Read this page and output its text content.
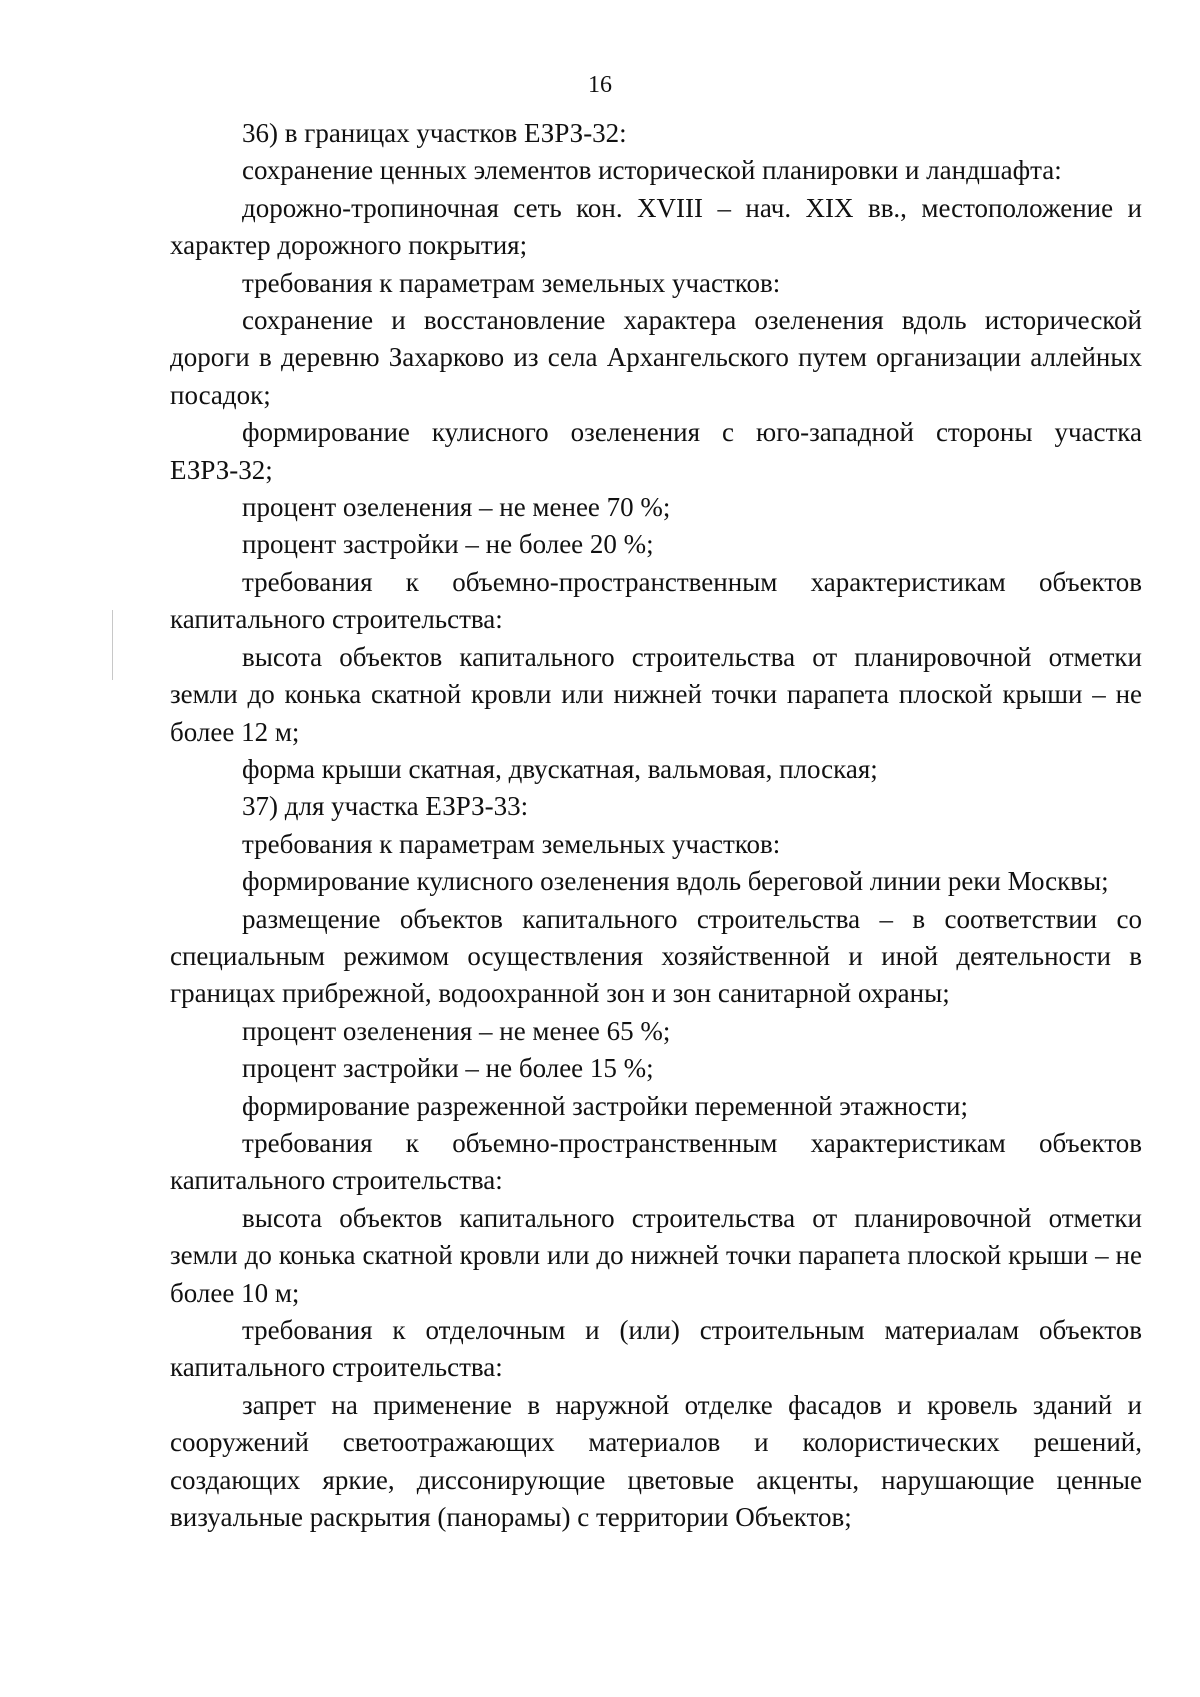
16

36) в границах участков ЕЗРЗ-32:

сохранение ценных элементов исторической планировки и ландшафта:

дорожно-тропиночная сеть кон. XVIII – нач. XIX вв., местоположение и характер дорожного покрытия;

требования к параметрам земельных участков:

сохранение и восстановление характера озеленения вдоль исторической дороги в деревню Захарково из села Архангельского путем организации аллейных посадок;

формирование кулисного озеленения с юго-западной стороны участка ЕЗРЗ-32;

процент озеленения – не менее 70 %;

процент застройки – не более 20 %;

требования к объемно-пространственным характеристикам объектов капитального строительства:

высота объектов капитального строительства от планировочной отметки земли до конька скатной кровли или нижней точки парапета плоской крыши – не более 12 м;

форма крыши скатная, двускатная, вальмовая, плоская;

37) для участка ЕЗРЗ-33:

требования к параметрам земельных участков:

формирование кулисного озеленения вдоль береговой линии реки Москвы;

размещение объектов капитального строительства – в соответствии со специальным режимом осуществления хозяйственной и иной деятельности в границах прибрежной, водоохранной зон и зон санитарной охраны;

процент озеленения – не менее 65 %;

процент застройки – не более 15 %;

формирование разреженной застройки переменной этажности;

требования к объемно-пространственным характеристикам объектов капитального строительства:

высота объектов капитального строительства от планировочной отметки земли до конька скатной кровли или до нижней точки парапета плоской крыши – не более 10 м;

требования к отделочным и (или) строительным материалам объектов капитального строительства:

запрет на применение в наружной отделке фасадов и кровель зданий и сооружений светоотражающих материалов и колористических решений, создающих яркие, диссонирующие цветовые акценты, нарушающие ценные визуальные раскрытия (панорамы) с территории Объектов;
